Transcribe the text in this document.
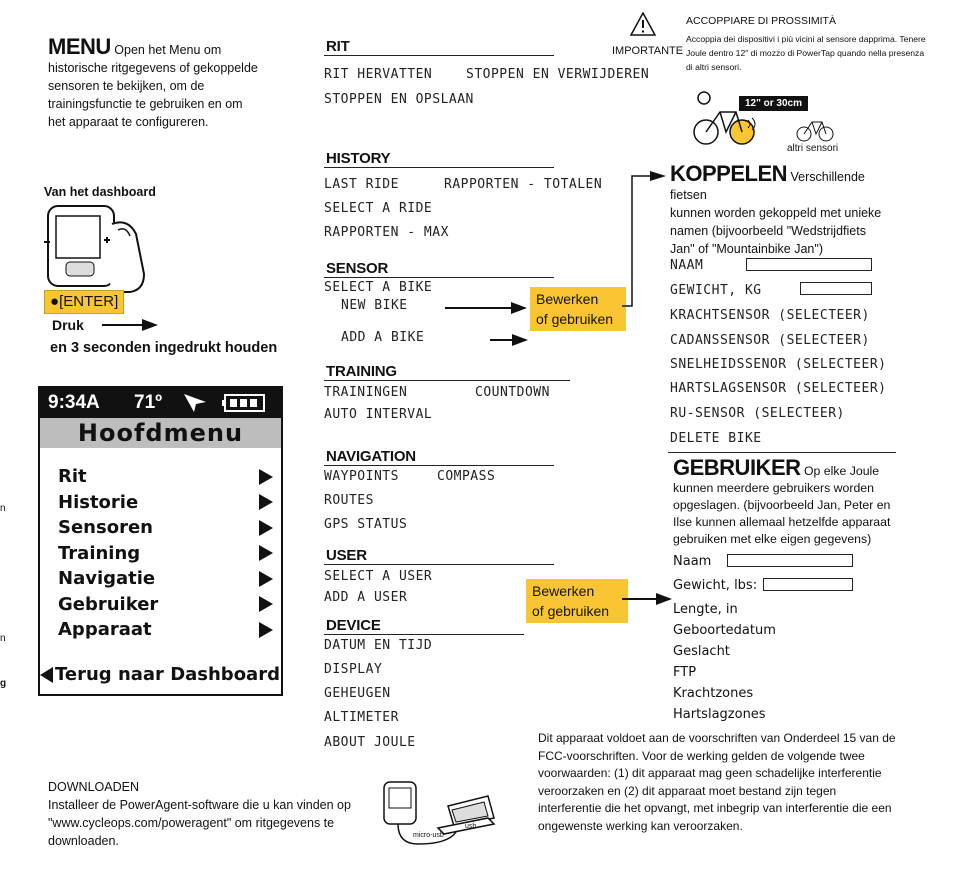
MENU Open het Menu om
historische ritgegevens of gekoppelde
sensoren te bekijken, om de
trainingsfunctie te gebruiken en om
het apparaat te configureren.
Van het dashboard
●[ENTER]
Druk
en 3 seconden ingedrukt houden
9:34A	71º
Hoofdmenu
Rit
Historie
Sensoren
Training
Navigatie
Gebruiker
Apparaat
Terug naar Dashboard
n
n
g
DOWNLOADEN
Installeer de PowerAgent-software die u kan vinden op
"www.cycleops.com/poweragent" om ritgegevens te
downloaden.	micro-usb
usb
RIT
RIT HERVATTEN	STOPPEN EN VERWIJDEREN
STOPPEN EN OPSLAAN
HISTORY
LAST RIDE	RAPPORTEN - TOTALEN
SELECT A RIDE
RAPPORTEN - MAX
SENSOR
SELECT A BIKE
NEW BIKE
ADD A BIKE
Bewerken
of gebruiken
TRAINING
TRAININGEN	COUNTDOWN
AUTO INTERVAL
NAVIGATION
WAYPOINTS	COMPASS
ROUTES
GPS STATUS
USER
SELECT A USER
ADD A USER	Bewerken
of gebruiken
DEVICE
DATUM EN TIJD
DISPLAY
GEHEUGEN
ALTIMETER
ABOUT JOULE
IMPORTANTE
ACCOPPIARE DI PROSSIMITÀ
Accoppia dei dispositivi i più vicini al sensore dapprima. Tenere
Joule dentro 12" di mozzo di PowerTap quando nella presenza
di altri sensori.
12" or 30cm
altri sensori
KOPPELEN Verschillende fietsen
kunnen worden gekoppeld met unieke
namen (bijvoorbeeld "Wedstrijdfiets
Jan" of "Mountainbike Jan")
NAAM
GEWICHT, KG
KRACHTSENSOR (SELECTEER)
CADANSSENSOR (SELECTEER)
SNELHEIDSSENOR (SELECTEER)
HARTSLAGSENSOR (SELECTEER)
RU-SENSOR (SELECTEER)
DELETE BIKE
GEBRUIKER Op elke Joule
kunnen meerdere gebruikers worden
opgeslagen. (bijvoorbeeld Jan, Peter en
Ilse kunnen allemaal hetzelfde apparaat
gebruiken met elke eigen gegevens)
Naam
Gewicht, lbs:
Lengte, in
Geboortedatum
Geslacht
FTP
Krachtzones
Hartslagzones
Dit apparaat voldoet aan de voorschriften van Onderdeel 15 van de
FCC-voorschriften. Voor de werking gelden de volgende twee
voorwaarden: (1) dit apparaat mag geen schadelijke interferentie
veroorzaken en (2) dit apparaat moet bestand zijn tegen
interferentie die het opvangt, met inbegrip van interferentie die een
ongewenste werking kan veroorzaken.
